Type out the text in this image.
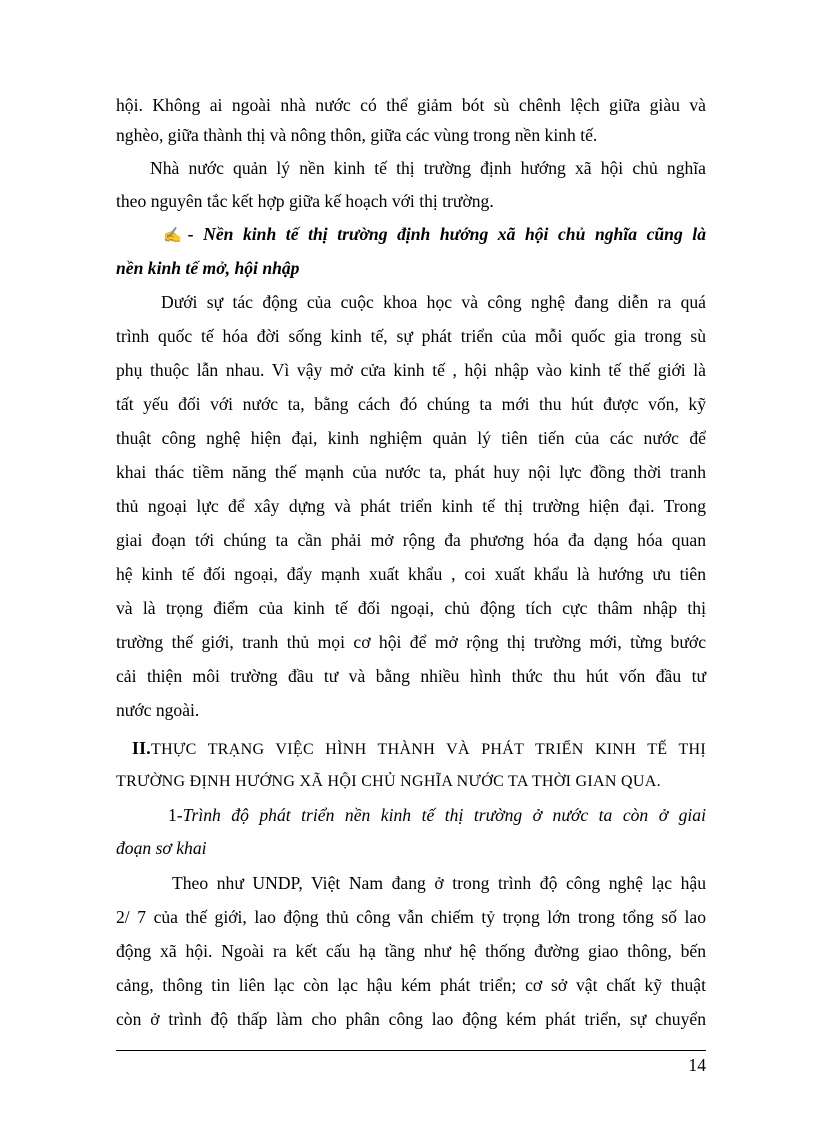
hội. Không ai ngoài nhà nước có thể giảm bót sù chênh lệch giữa giàu và
nghèo, giữa thành thị và nông thôn, giữa các vùng trong nền kinh tế.
Nhà nước quản lý nền kinh tế thị trường định hướng xã hội chủ nghĩa
theo nguyên tắc kết hợp giữa kế hoạch với thị trường.
✍ - Nền kinh tế thị trường định hướng xã hội chủ nghĩa cũng là
nền kinh tế mở, hội nhập
Dưới sự tác động của cuộc khoa học và công nghệ đang diễn ra quá
trình quốc tế hóa đời sống kinh tế, sự phát triển của mỗi quốc gia trong sù
phụ thuộc lẫn nhau. Vì vậy mở cửa kinh tế , hội nhập vào kinh tế thế giới là
tất yếu đối với nước ta, bằng cách đó chúng ta mới thu hút được vốn, kỹ
thuật công nghệ hiện đại, kinh nghiệm quản lý tiên tiến của các nước để
khai thác tiềm năng thế mạnh của nước ta, phát huy nội lực đồng thời tranh
thủ ngoại lực để xây dựng và phát triển kinh tế thị trường hiện đại. Trong
giai đoạn tới chúng ta cần phải mở rộng đa phương hóa đa dạng hóa quan
hệ kinh tế đối ngoại, đẩy mạnh xuất khẩu , coi xuất khẩu là hướng ưu tiên
và là trọng điểm của kinh tế đối ngoại, chủ động tích cực thâm nhập thị
trường thế giới, tranh thủ mọi cơ hội để mở rộng thị trường mới, từng bước
cải thiện môi trường đầu tư và bằng nhiều hình thức thu hút vốn đầu tư
nước ngoài.
II.THỰC TRẠNG VIỆC HÌNH THÀNH VÀ PHÁT TRIỂN KINH TẾ THỊ
TRƯỜNG ĐỊNH HƯỚNG XÃ HỘI CHỦ NGHĨA NƯỚC TA THỜI GIAN QUA.
1-Trình độ phát triển nền kinh tế thị trường ở nước ta còn ở giai
đoạn sơ khai
Theo như UNDP, Việt Nam đang ở trong trình độ công nghệ lạc hậu
2/ 7 của thế giới, lao động thủ công vẫn chiếm tỷ trọng lớn trong tổng số lao
động xã hội. Ngoài ra kết cấu hạ tầng như hệ thống đường giao thông, bến
cảng, thông tin liên lạc còn lạc hậu kém phát triển; cơ sở vật chất kỹ thuật
còn ở trình độ thấp làm cho phân công lao động kém phát triển, sự chuyển
14
